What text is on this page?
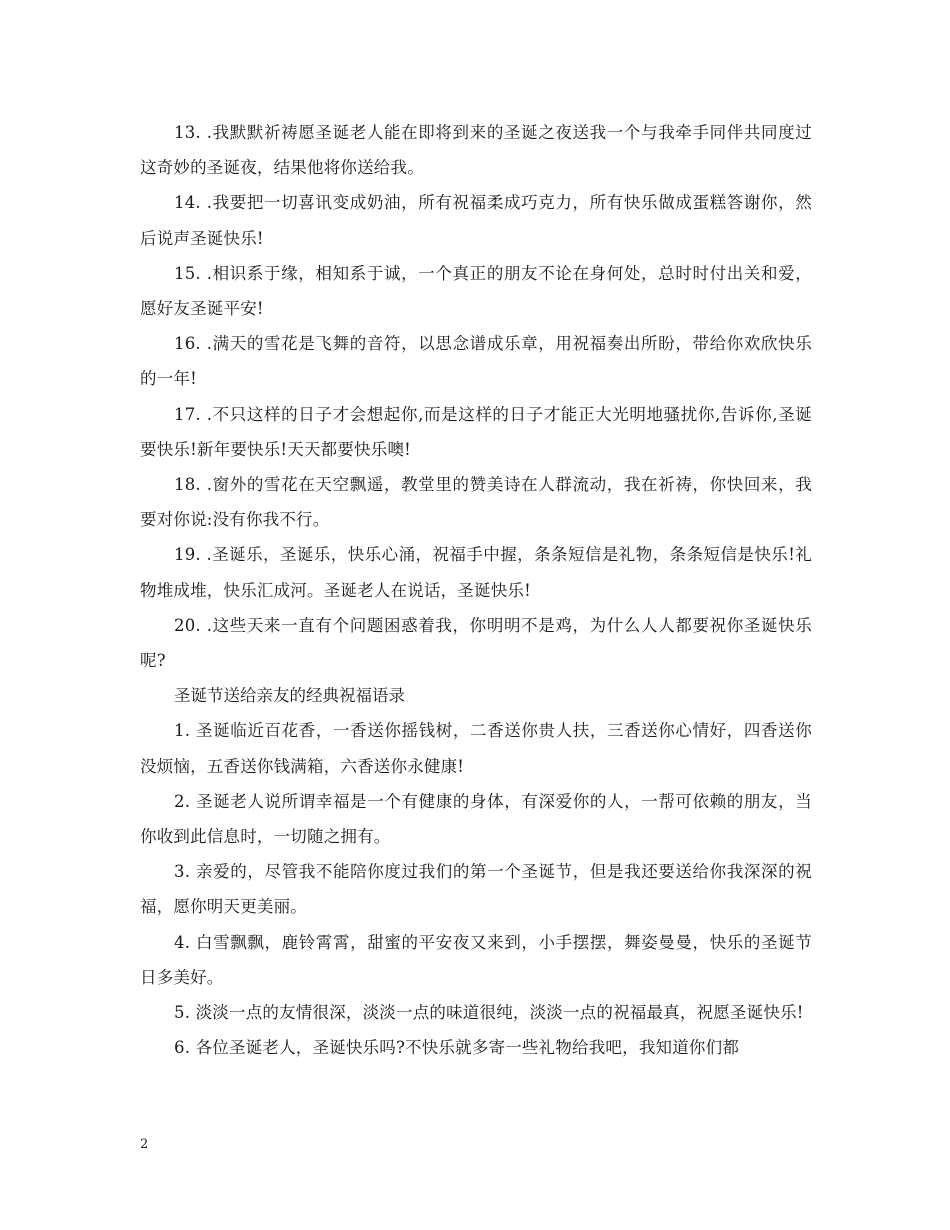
13. .我默默祈祷愿圣诞老人能在即将到来的圣诞之夜送我一个与我牵手同伴共同度过这奇妙的圣诞夜，结果他将你送给我。

14. .我要把一切喜讯变成奶油，所有祝福柔成巧克力，所有快乐做成蛋糕答谢你，然后说声圣诞快乐!

15. .相识系于缘，相知系于诚，一个真正的朋友不论在身何处，总时时付出关和爱，愿好友圣诞平安!

16. .满天的雪花是飞舞的音符，以思念谱成乐章，用祝福奏出所盼，带给你欢欣快乐的一年!

17. .不只这样的日子才会想起你,而是这样的日子才能正大光明地骚扰你,告诉你,圣诞要快乐!新年要快乐!天天都要快乐噢!

18. .窗外的雪花在天空飘遥，教堂里的赞美诗在人群流动，我在祈祷，你快回来，我要对你说:没有你我不行。

19. .圣诞乐，圣诞乐，快乐心涌，祝福手中握，条条短信是礼物，条条短信是快乐!礼物堆成堆，快乐汇成河。圣诞老人在说话，圣诞快乐!

20. .这些天来一直有个问题困惑着我，你明明不是鸡，为什么人人都要祝你圣诞快乐呢?

圣诞节送给亲友的经典祝福语录

1. 圣诞临近百花香，一香送你摇钱树，二香送你贵人扶，三香送你心情好，四香送你没烦恼，五香送你钱满箱，六香送你永健康!

2. 圣诞老人说所谓幸福是一个有健康的身体，有深爱你的人，一帮可依赖的朋友，当你收到此信息时，一切随之拥有。

3. 亲爱的，尽管我不能陪你度过我们的第一个圣诞节，但是我还要送给你我深深的祝福，愿你明天更美丽。

4. 白雪飘飘，鹿铃霄霄，甜蜜的平安夜又来到，小手摆摆，舞姿曼曼，快乐的圣诞节日多美好。

5. 淡淡一点的友情很深，淡淡一点的味道很纯，淡淡一点的祝福最真，祝愿圣诞快乐!

6. 各位圣诞老人，圣诞快乐吗?不快乐就多寄一些礼物给我吧，我知道你们都

2
